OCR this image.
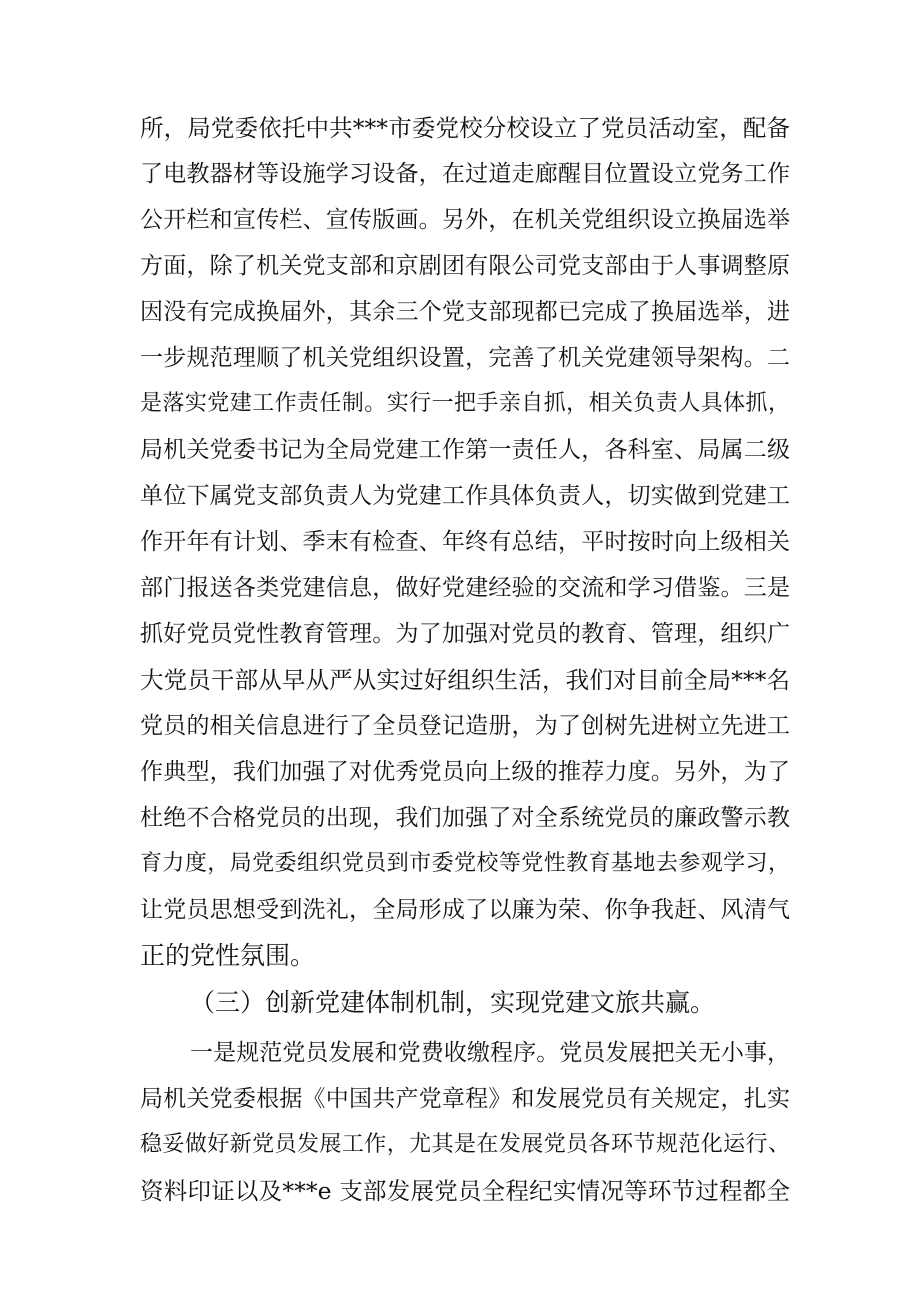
所，局党委依托中共***市委党校分校设立了党员活动室，配备
了电教器材等设施学习设备，在过道走廊醒目位置设立党务工作
公开栏和宣传栏、宣传版画。另外，在机关党组织设立换届选举
方面，除了机关党支部和京剧团有限公司党支部由于人事调整原
因没有完成换届外，其余三个党支部现都已完成了换届选举，进
一步规范理顺了机关党组织设置，完善了机关党建领导架构。二
是落实党建工作责任制。实行一把手亲自抓，相关负责人具体抓，
局机关党委书记为全局党建工作第一责任人，各科室、局属二级
单位下属党支部负责人为党建工作具体负责人，切实做到党建工
作开年有计划、季末有检查、年终有总结，平时按时向上级相关
部门报送各类党建信息，做好党建经验的交流和学习借鉴。三是
抓好党员党性教育管理。为了加强对党员的教育、管理，组织广
大党员干部从早从严从实过好组织生活，我们对目前全局***名
党员的相关信息进行了全员登记造册，为了创树先进树立先进工
作典型，我们加强了对优秀党员向上级的推荐力度。另外，为了
杜绝不合格党员的出现，我们加强了对全系统党员的廉政警示教
育力度，局党委组织党员到市委党校等党性教育基地去参观学习，
让党员思想受到洗礼，全局形成了以廉为荣、你争我赶、风清气
正的党性氛围。
（三）创新党建体制机制，实现党建文旅共赢。
一是规范党员发展和党费收缴程序。党员发展把关无小事，
局机关党委根据《中国共产党章程》和发展党员有关规定，扎实
稳妥做好新党员发展工作，尤其是在发展党员各环节规范化运行、
资料印证以及***e 支部发展党员全程纪实情况等环节过程都全
